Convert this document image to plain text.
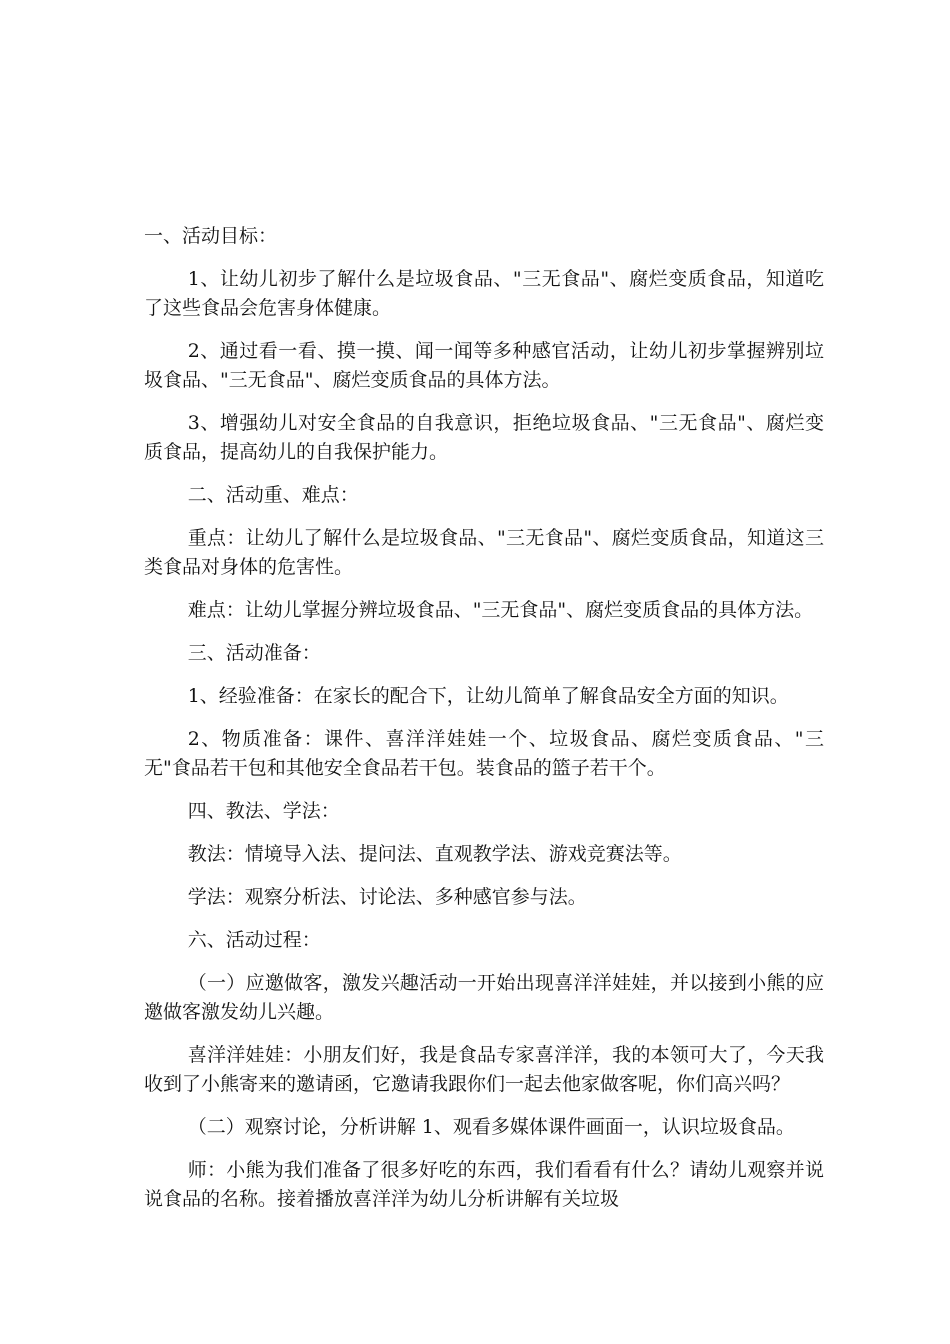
一、活动目标：

1、让幼儿初步了解什么是垃圾食品、"三无食品"、腐烂变质食品，知道吃了这些食品会危害身体健康。

2、通过看一看、摸一摸、闻一闻等多种感官活动，让幼儿初步掌握辨别垃圾食品、"三无食品"、腐烂变质食品的具体方法。

3、增强幼儿对安全食品的自我意识，拒绝垃圾食品、"三无食品"、腐烂变质食品，提高幼儿的自我保护能力。

二、活动重、难点：

重点：让幼儿了解什么是垃圾食品、"三无食品"、腐烂变质食品，知道这三类食品对身体的危害性。

难点：让幼儿掌握分辨垃圾食品、"三无食品"、腐烂变质食品的具体方法。

三、活动准备：

1、经验准备：在家长的配合下，让幼儿简单了解食品安全方面的知识。

2、物质准备：课件、喜洋洋娃娃一个、垃圾食品、腐烂变质食品、"三无"食品若干包和其他安全食品若干包。装食品的篮子若干个。

四、教法、学法：

教法：情境导入法、提问法、直观教学法、游戏竞赛法等。

学法：观察分析法、讨论法、多种感官参与法。

六、活动过程：

（一）应邀做客，激发兴趣活动一开始出现喜洋洋娃娃，并以接到小熊的应邀做客激发幼儿兴趣。

喜洋洋娃娃：小朋友们好，我是食品专家喜洋洋，我的本领可大了，今天我收到了小熊寄来的邀请函，它邀请我跟你们一起去他家做客呢，你们高兴吗？

（二）观察讨论，分析讲解 1、观看多媒体课件画面一，认识垃圾食品。

师：小熊为我们准备了很多好吃的东西，我们看看有什么？请幼儿观察并说说食品的名称。接着播放喜洋洋为幼儿分析讲解有关垃圾
